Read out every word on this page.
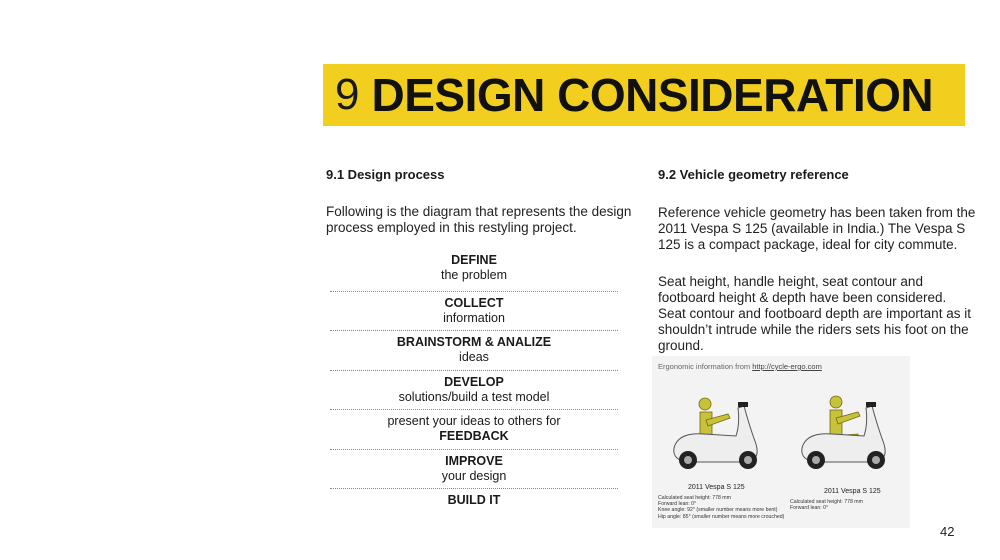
9 DESIGN CONSIDERATION
9.1 Design process
Following is the diagram that represents the design
process employed in this restyling project.
DEFINE
the problem
COLLECT
information
BRAINSTORM & ANALIZE
ideas
DEVELOP
solutions/build a test model
present your ideas to others for
FEEDBACK
IMPROVE
your design
BUILD IT
9.2 Vehicle geometry reference
Reference vehicle geometry has been taken from the
2011 Vespa S 125 (available in India.) The Vespa S
125 is a compact package, ideal for city commute.
Seat height, handle height, seat contour and
footboard height & depth have been considered.
Seat contour and footboard depth are important as it
shouldn’t intrude while the riders sets his foot on the
ground.
Ergonomic information from http://cycle-ergo.com
2011 Vespa S 125
Calculated seat height: 778 mm
Forward lean: 0°
Knee angle: 92° (smaller number means more bent)
Hip angle: 85° (smaller number means more crouched)
2011 Vespa S 125
Calculated seat height: 778 mm
Forward lean: 0°
42
